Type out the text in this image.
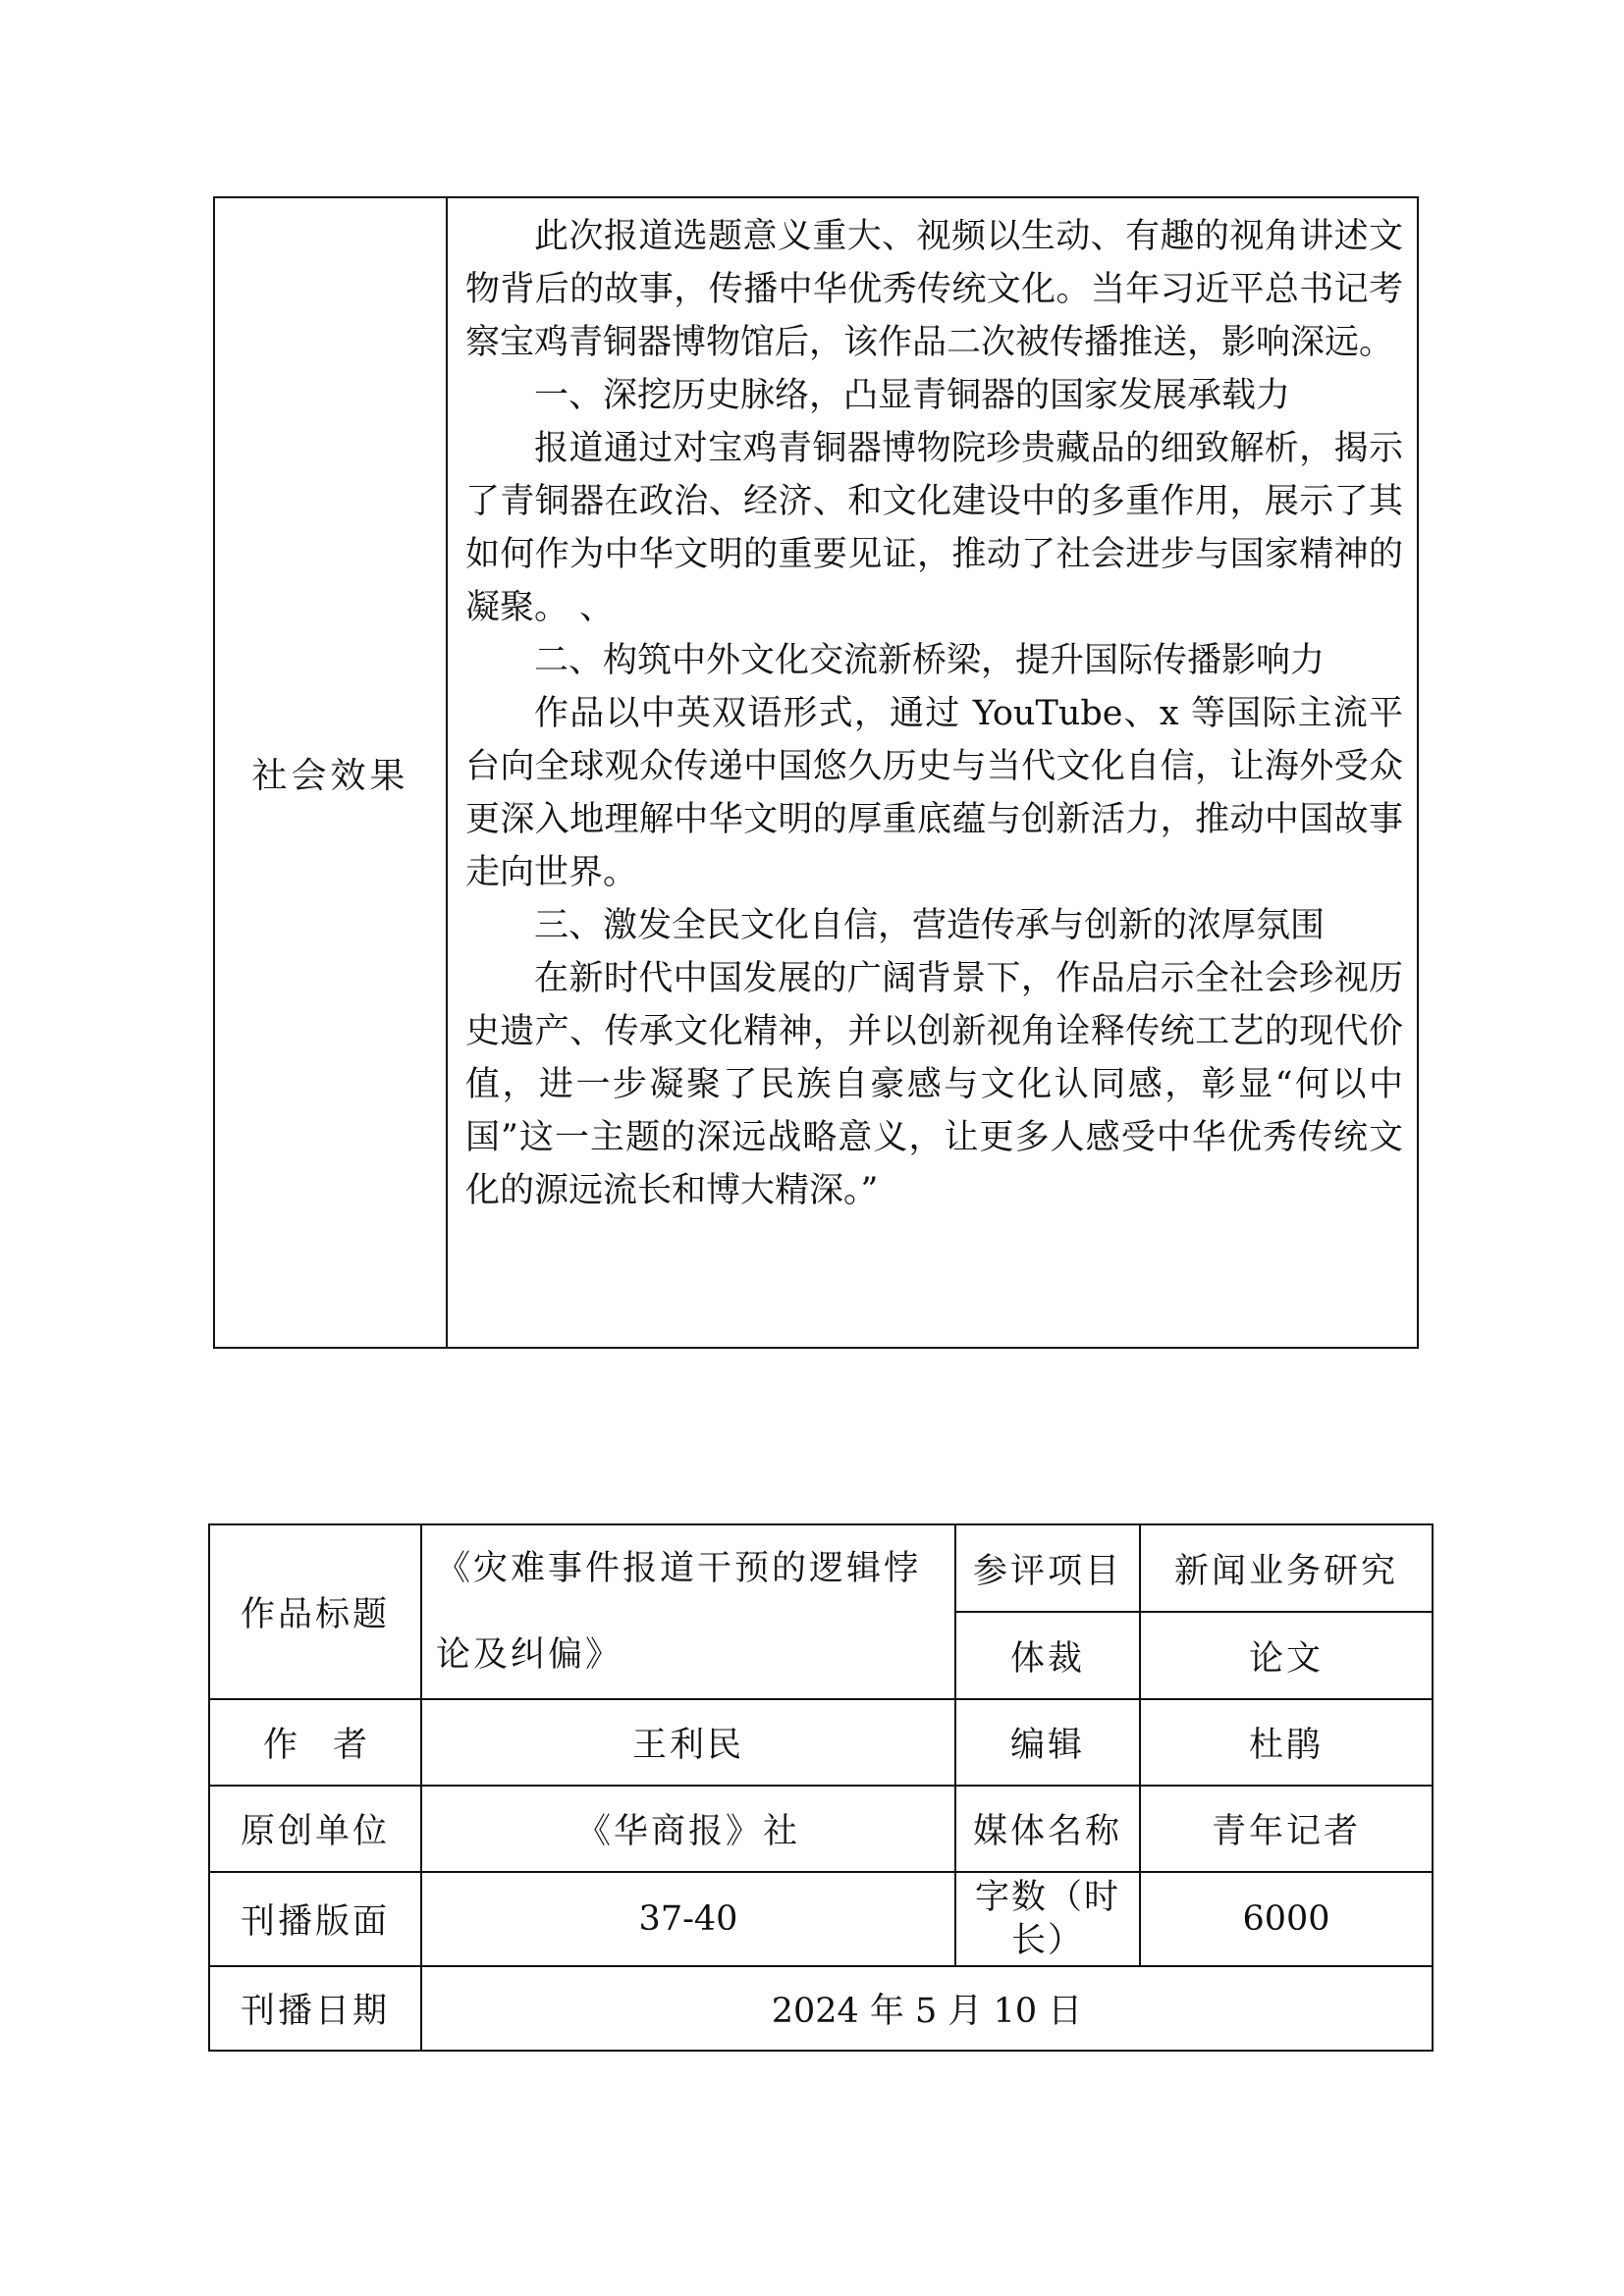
社会效果

此次报道选题意义重大、视频以生动、有趣的视角讲述文物背后的故事，传播中华优秀传统文化。当年习近平总书记考察宝鸡青铜器博物馆后，该作品二次被传播推送，影响深远。

一、深挖历史脉络，凸显青铜器的国家发展承载力

报道通过对宝鸡青铜器博物院珍贵藏品的细致解析，揭示了青铜器在政治、经济、和文化建设中的多重作用，展示了其如何作为中华文明的重要见证，推动了社会进步与国家精神的凝聚。 、

二、构筑中外文化交流新桥梁，提升国际传播影响力

作品以中英双语形式，通过 YouTube、x 等国际主流平台向全球观众传递中国悠久历史与当代文化自信，让海外受众更深入地理解中华文明的厚重底蕴与创新活力，推动中国故事走向世界。

三、激发全民文化自信，营造传承与创新的浓厚氛围

在新时代中国发展的广阔背景下，作品启示全社会珍视历史遗产、传承文化精神，并以创新视角诠释传统工艺的现代价值，进一步凝聚了民族自豪感与文化认同感，彰显“何以中国”这一主题的深远战略意义，让更多人感受中华优秀传统文化的源远流长和博大精深。”

作品标题	《灾难事件报道干预的逻辑悖论及纠偏》	参评项目	新闻业务研究
		体裁	论文
作 者	王利民	编辑	杜鹃
原创单位	《华商报》社	媒体名称	青年记者
刊播版面	37-40	字数（时长）	6000
刊播日期	2024 年 5 月 10 日		
